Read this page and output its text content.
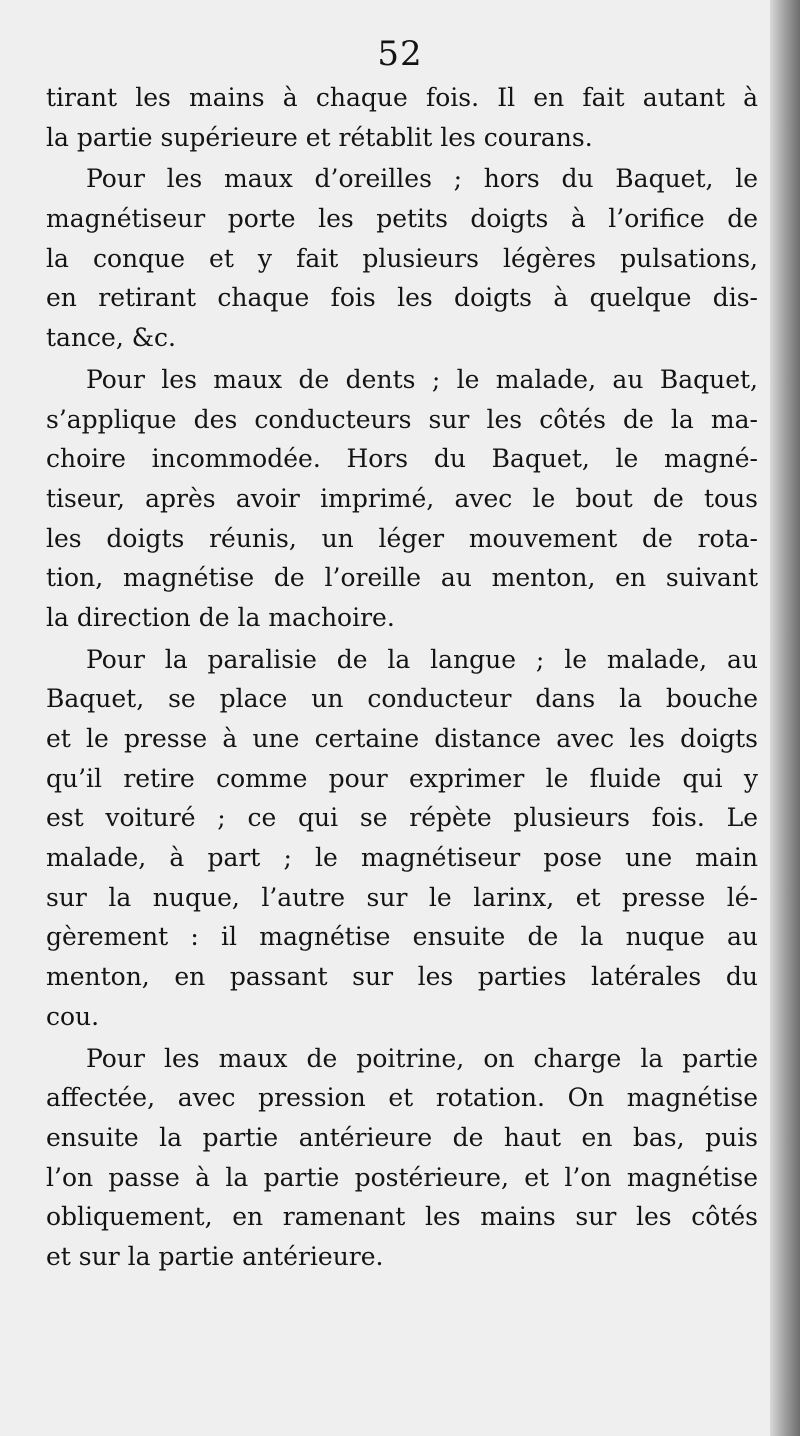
52
tirant les mains à chaque fois. Il en fait autant à
la partie supérieure et rétablit les courans.
Pour les maux d’oreilles ; hors du Baquet, le
magnétiseur porte les petits doigts à l’orifice de
la conque et y fait plusieurs légères pulsations,
en retirant chaque fois les doigts à quelque dis-
tance, &c.
Pour les maux de dents ; le malade, au Baquet,
s’applique des conducteurs sur les côtés de la ma-
choire incommodée. Hors du Baquet, le magné-
tiseur, après avoir imprimé, avec le bout de tous
les doigts réunis, un léger mouvement de rota-
tion, magnétise de l’oreille au menton, en suivant
la direction de la machoire.
Pour la paralisie de la langue ; le malade, au
Baquet, se place un conducteur dans la bouche
et le presse à une certaine distance avec les doigts
qu’il retire comme pour exprimer le fluide qui y
est voituré ; ce qui se répète plusieurs fois. Le
malade, à part ; le magnétiseur pose une main
sur la nuque, l’autre sur le larinx, et presse lé-
gèrement : il magnétise ensuite de la nuque au
menton, en passant sur les parties latérales du
cou.
Pour les maux de poitrine, on charge la partie
affectée, avec pression et rotation. On magnétise
ensuite la partie antérieure de haut en bas, puis
l’on passe à la partie postérieure, et l’on magnétise
obliquement, en ramenant les mains sur les côtés
et sur la partie antérieure.
